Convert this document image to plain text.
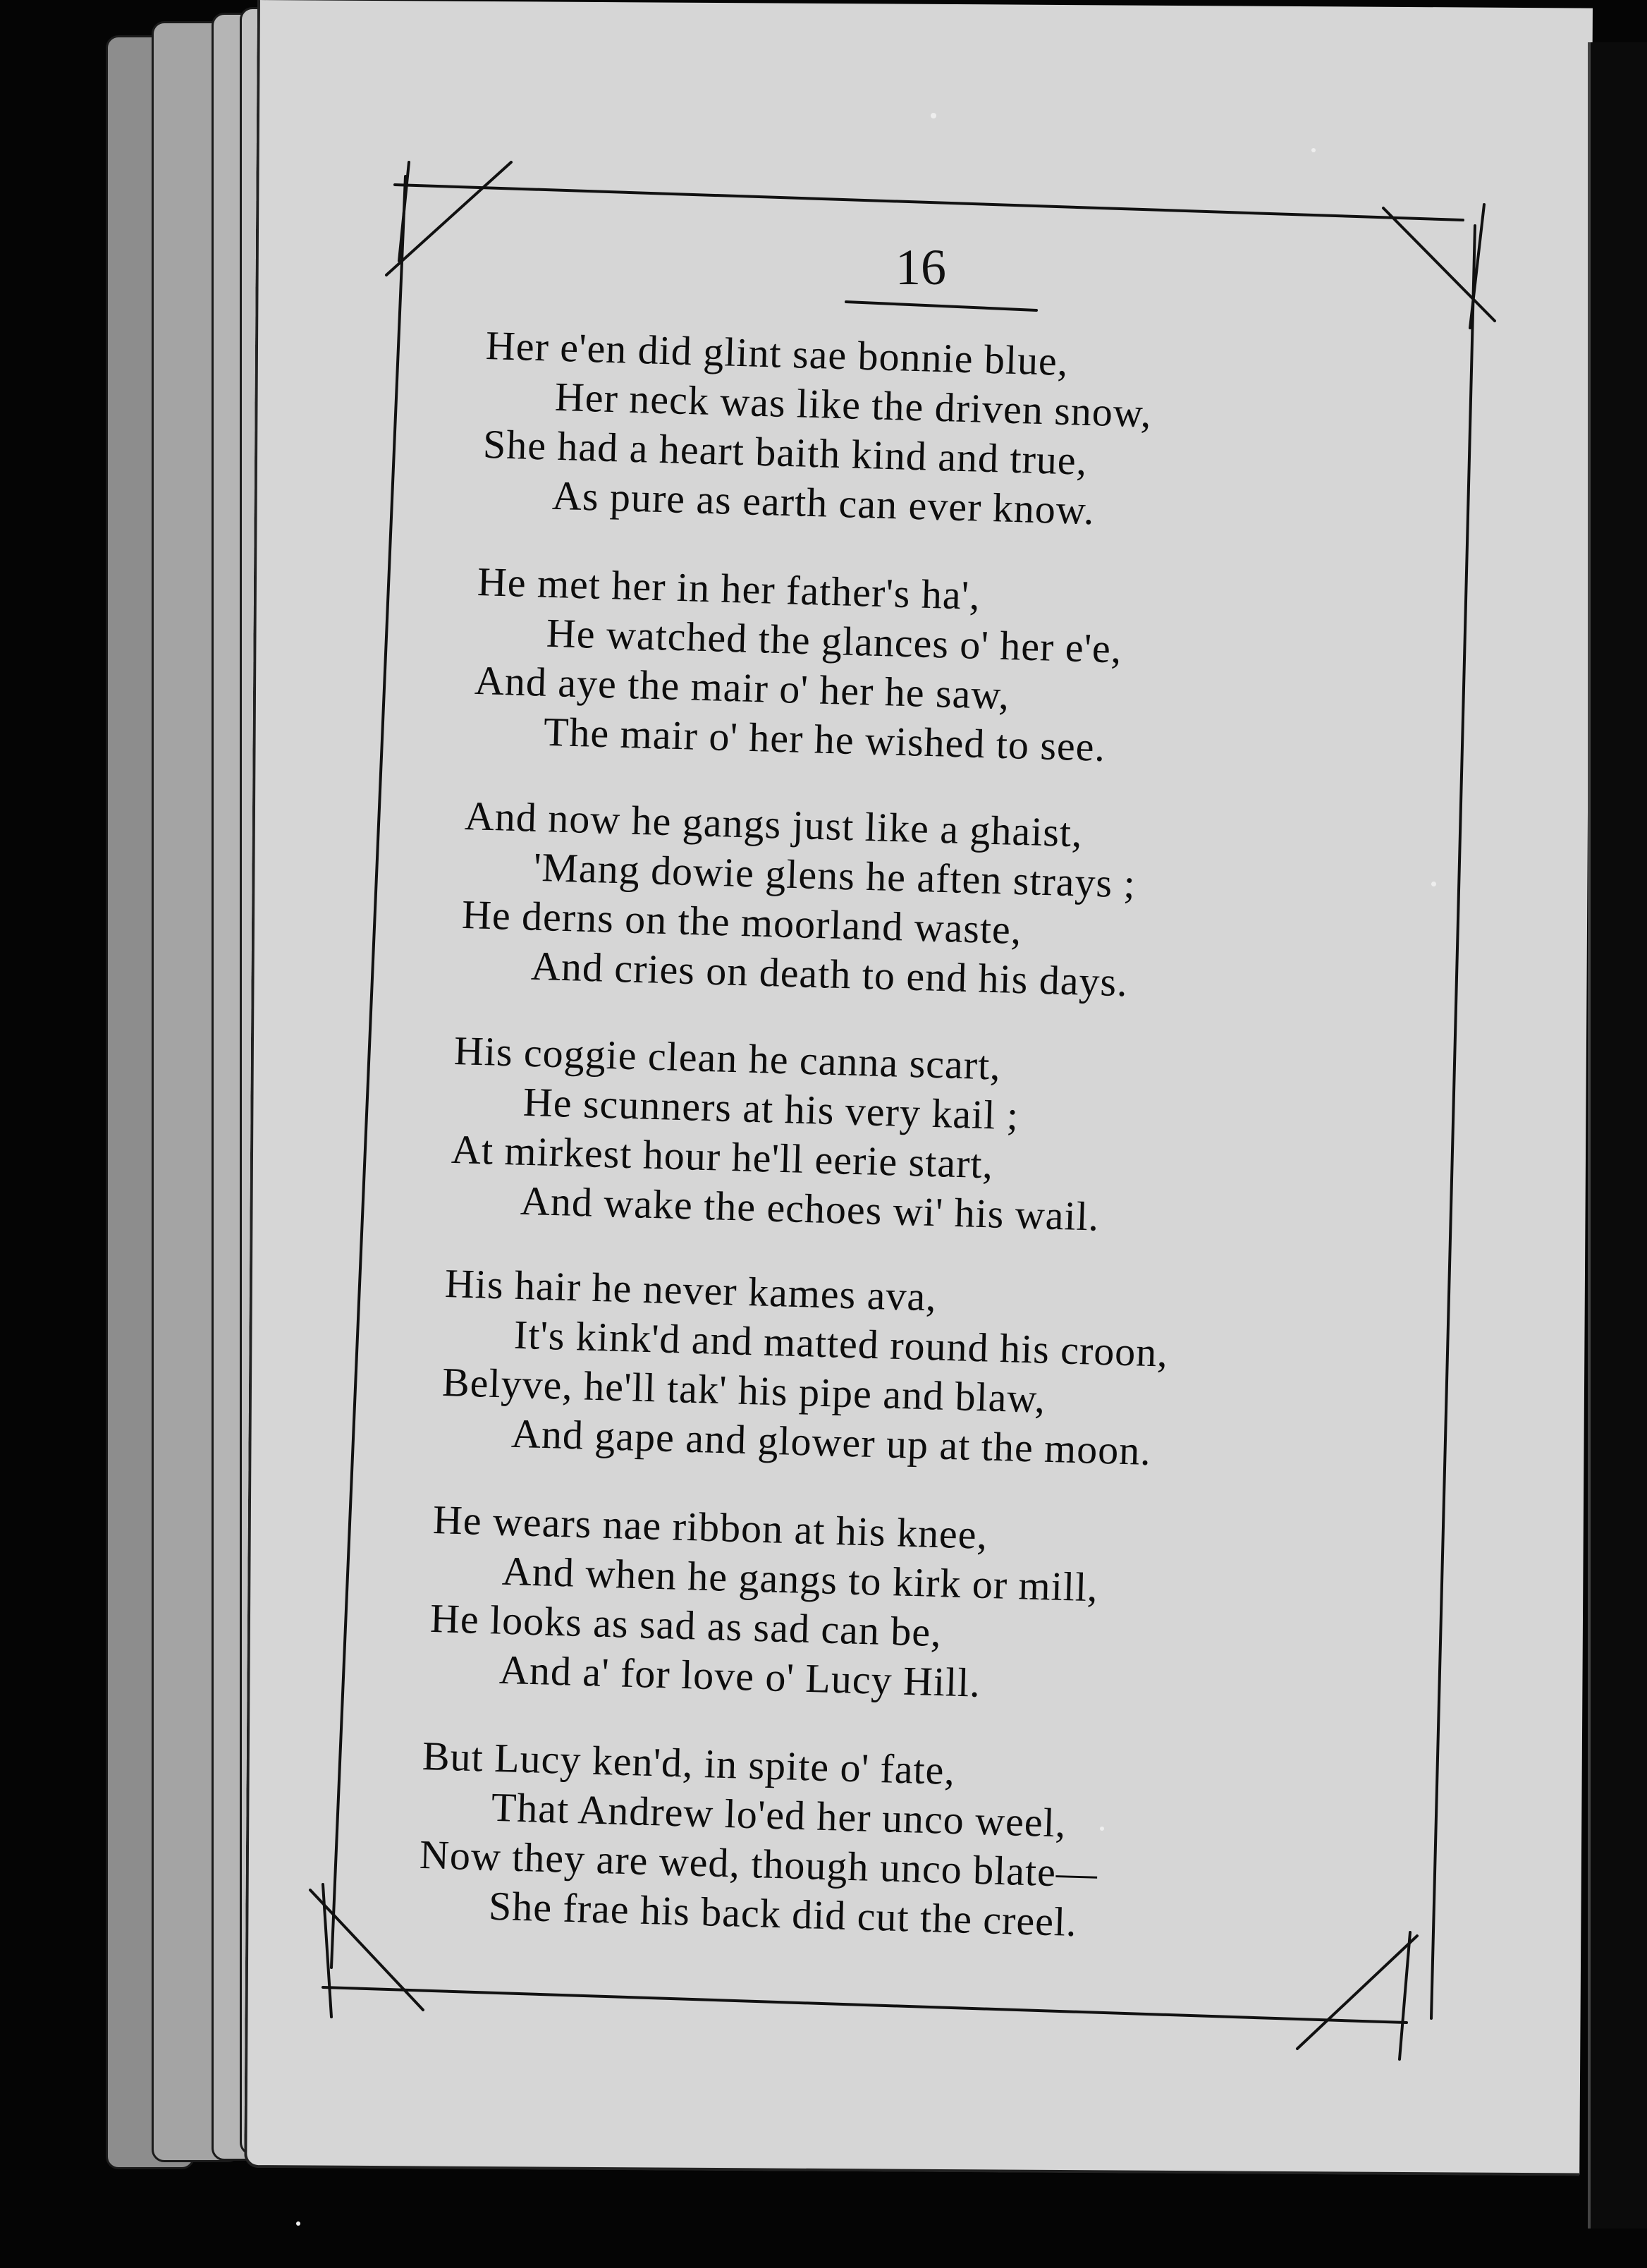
16
Her e'en did glint sae bonnie blue,
Her neck was like the driven snow,
She had a heart baith kind and true,
As pure as earth can ever know.
He met her in her father's ha',
He watched the glances o' her e'e,
And aye the mair o' her he saw,
The mair o' her he wished to see.
And now he gangs just like a ghaist,
'Mang dowie glens he aften strays ;
He derns on the moorland waste,
And cries on death to end his days.
His coggie clean he canna scart,
He scunners at his very kail ;
At mirkest hour he'll eerie start,
And wake the echoes wi' his wail.
His hair he never kames ava,
It's kink'd and matted round his croon,
Belyve, he'll tak' his pipe and blaw,
And gape and glower up at the moon.
He wears nae ribbon at his knee,
And when he gangs to kirk or mill,
He looks as sad as sad can be,
And a' for love o' Lucy Hill.
But Lucy ken'd, in spite o' fate,
That Andrew lo'ed her unco weel,
Now they are wed, though unco blate—
She frae his back did cut the creel.
